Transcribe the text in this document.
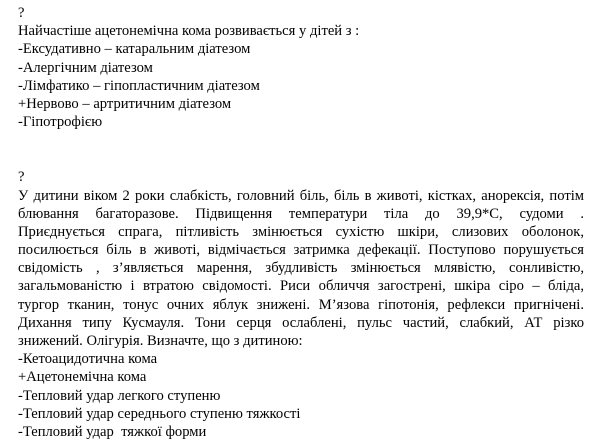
?
Найчастіше ацетонемічна кома розвивається у дітей з :
-Ексудативно – катаральним діатезом
-Алергічним діатезом
-Лімфатико – гіпопластичним діатезом
+Нервово – артритичним діатезом
-Гіпотрофією
?
У дитини віком 2 роки слабкість, головний біль, біль в животі, кістках, анорексія, потім
блювання багаторазове. Підвищення температури тіла до 39,9*С, судоми .
Приєднується спрага, пітливість змінюється сухістю шкіри, слизових оболонок,
посилюється біль в животі, відмічається затримка дефекації. Поступово порушується
свідомість , з’являється марення, збудливість змінюється млявістю, сонливістю,
загальмованістю і втратою свідомості. Риси обличчя загострені, шкіра сіро – бліда,
тургор тканин, тонус очних яблук знижені. М’язова гіпотонія, рефлекси пригнічені.
Дихання типу Кусмауля. Тони серця ослаблені, пульс частий, слабкий, АТ різко
знижений. Олігурія. Визначте, що з дитиною:
-Кетоацидотична кома
+Ацетонемічна кома
-Тепловий удар легкого ступеню
-Тепловий удар середнього ступеню тяжкості
-Тепловий удар  тяжкої форми
